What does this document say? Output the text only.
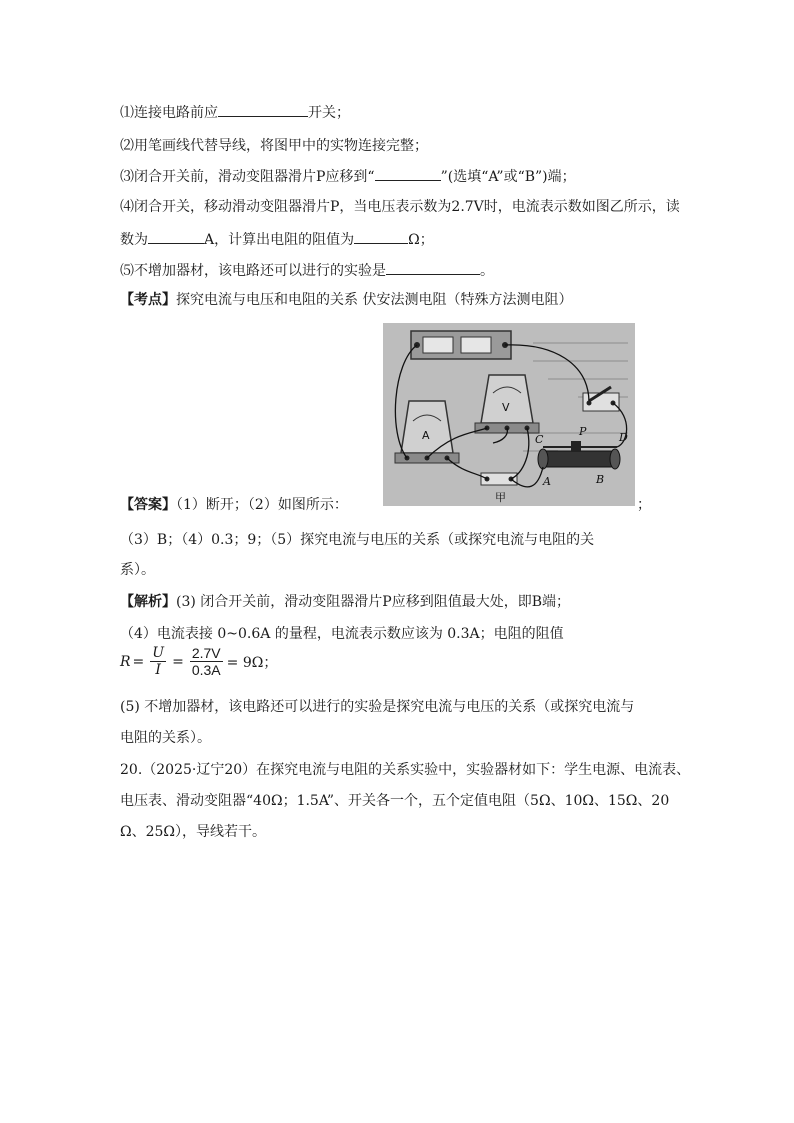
⑴连接电路前应	开关；
⑵用笔画线代替导线，将图甲中的实物连接完整；
⑶闭合开关前，滑动变阻器滑片P应移到“	”(选填“A”或“B”)端；
⑷闭合开关，移动滑动变阻器滑片P，当电压表示数为2.7V时，电流表示数如图乙所示，读
数为	A，计算出电阻的阻值为	Ω；
⑸不增加器材，该电路还可以进行的实验是	。
【考点】探究电流与电压和电阻的关系 伏安法测电阻（特殊方法测电阻）
A
V
C
P	D
A	B
甲
【答案】（1）断开；（2）如图所示：	；
（3）B；（4）0.3；9；（5）探究电流与电压的关系（或探究电流与电阻的关
系）。
【解析】(3) 闭合开关前，滑动变阻器滑片P应移到阻值最大处，即B端；
（4）电流表接 0~0.6A 的量程，电流表示数应该为 0.3A；电阻的阻值
$R = \frac{U}{I} = \frac{2.7V}{0.3A} = 9\Omega$；
(5) 不增加器材，该电路还可以进行的实验是探究电流与电压的关系（或探究电流与
电阻的关系）。
20.（2025·辽宁20）在探究电流与电阻的关系实验中，实验器材如下：学生电源、电流表、
电压表、滑动变阻器“40Ω；1.5A”、开关各一个，五个定值电阻（5Ω、10Ω、15Ω、20
Ω、25Ω），导线若干。
